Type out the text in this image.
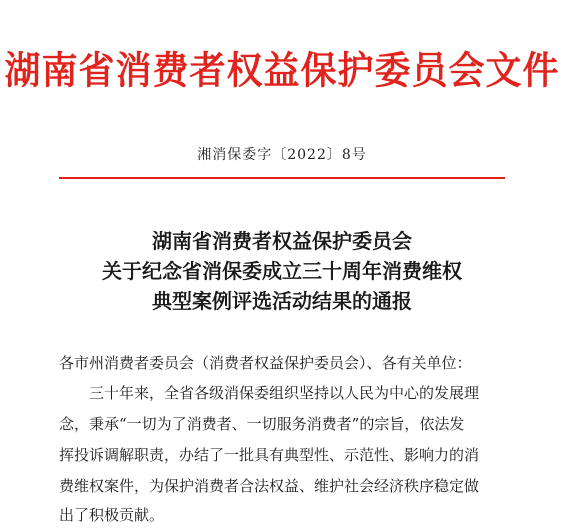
湖南省消费者权益保护委员会文件
湘消保委字〔2022〕8号
湖南省消费者权益保护委员会
关于纪念省消保委成立三十周年消费维权
典型案例评选活动结果的通报
各市州消费者委员会（消费者权益保护委员会）、各有关单位：
三十年来，全省各级消保委组织坚持以人民为中心的发展理
念，秉承“一切为了消费者、一切服务消费者”的宗旨，依法发
挥投诉调解职责，办结了一批具有典型性、示范性、影响力的消
费维权案件，为保护消费者合法权益、维护社会经济秩序稳定做
出了积极贡献。
